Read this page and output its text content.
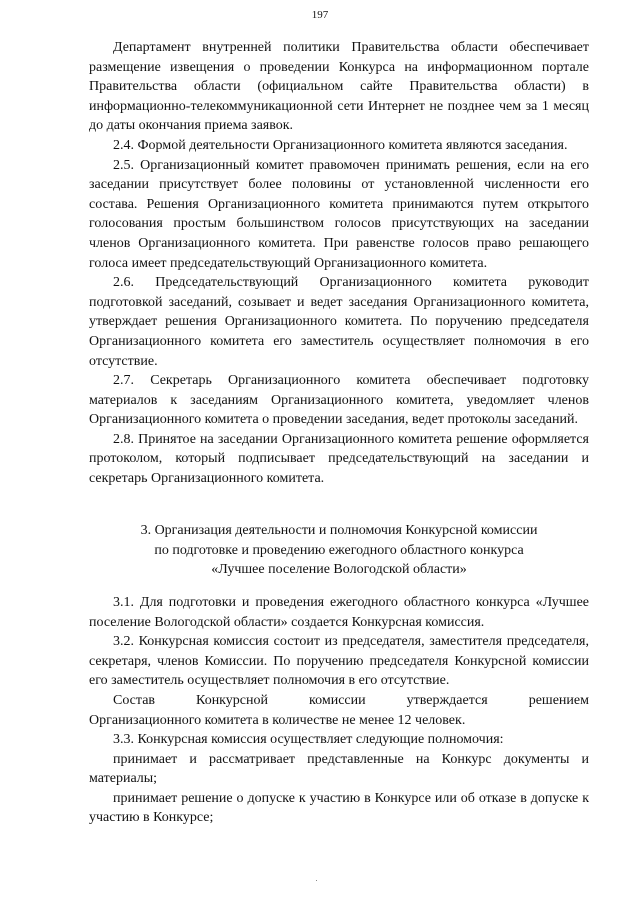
197

Департамент внутренней политики Правительства области обеспечивает размещение извещения о проведении Конкурса на информационном портале Правительства области (официальном сайте Правительства области) в информационно-телекоммуникационной сети Интернет не позднее чем за 1 месяц до даты окончания приема заявок.

2.4. Формой деятельности Организационного комитета являются заседания.

2.5. Организационный комитет правомочен принимать решения, если на его заседании присутствует более половины от установленной численности его состава. Решения Организационного комитета принимаются путем открытого голосования простым большинством голосов присутствующих на заседании членов Организационного комитета. При равенстве голосов право решающего голоса имеет председательствующий Организационного комитета.

2.6. Председательствующий Организационного комитета руководит подготовкой заседаний, созывает и ведет заседания Организационного комитета, утверждает решения Организационного комитета. По поручению председателя Организационного комитета его заместитель осуществляет полномочия в его отсутствие.

2.7. Секретарь Организационного комитета обеспечивает подготовку материалов к заседаниям Организационного комитета, уведомляет членов Организационного комитета о проведении заседания, ведет протоколы заседаний.

2.8. Принятое на заседании Организационного комитета решение оформляется протоколом, который подписывает председательствующий на заседании и секретарь Организационного комитета.

3. Организация деятельности и полномочия Конкурсной комиссии
по подготовке и проведению ежегодного областного конкурса
«Лучшее поселение Вологодской области»

3.1. Для подготовки и проведения ежегодного областного конкурса «Лучшее поселение Вологодской области» создается Конкурсная комиссия.

3.2. Конкурсная комиссия состоит из председателя, заместителя председателя, секретаря, членов Комиссии. По поручению председателя Конкурсной комиссии его заместитель осуществляет полномочия в его отсутствие.

Состав	Конкурсной	комиссии	утверждается	решением
Организационного комитета в количестве не менее 12 человек.

3.3. Конкурсная комиссия осуществляет следующие полномочия:

принимает и рассматривает представленные на Конкурс документы и материалы;

принимает решение о допуске к участию в Конкурсе или об отказе в допуске к участию в Конкурсе;
